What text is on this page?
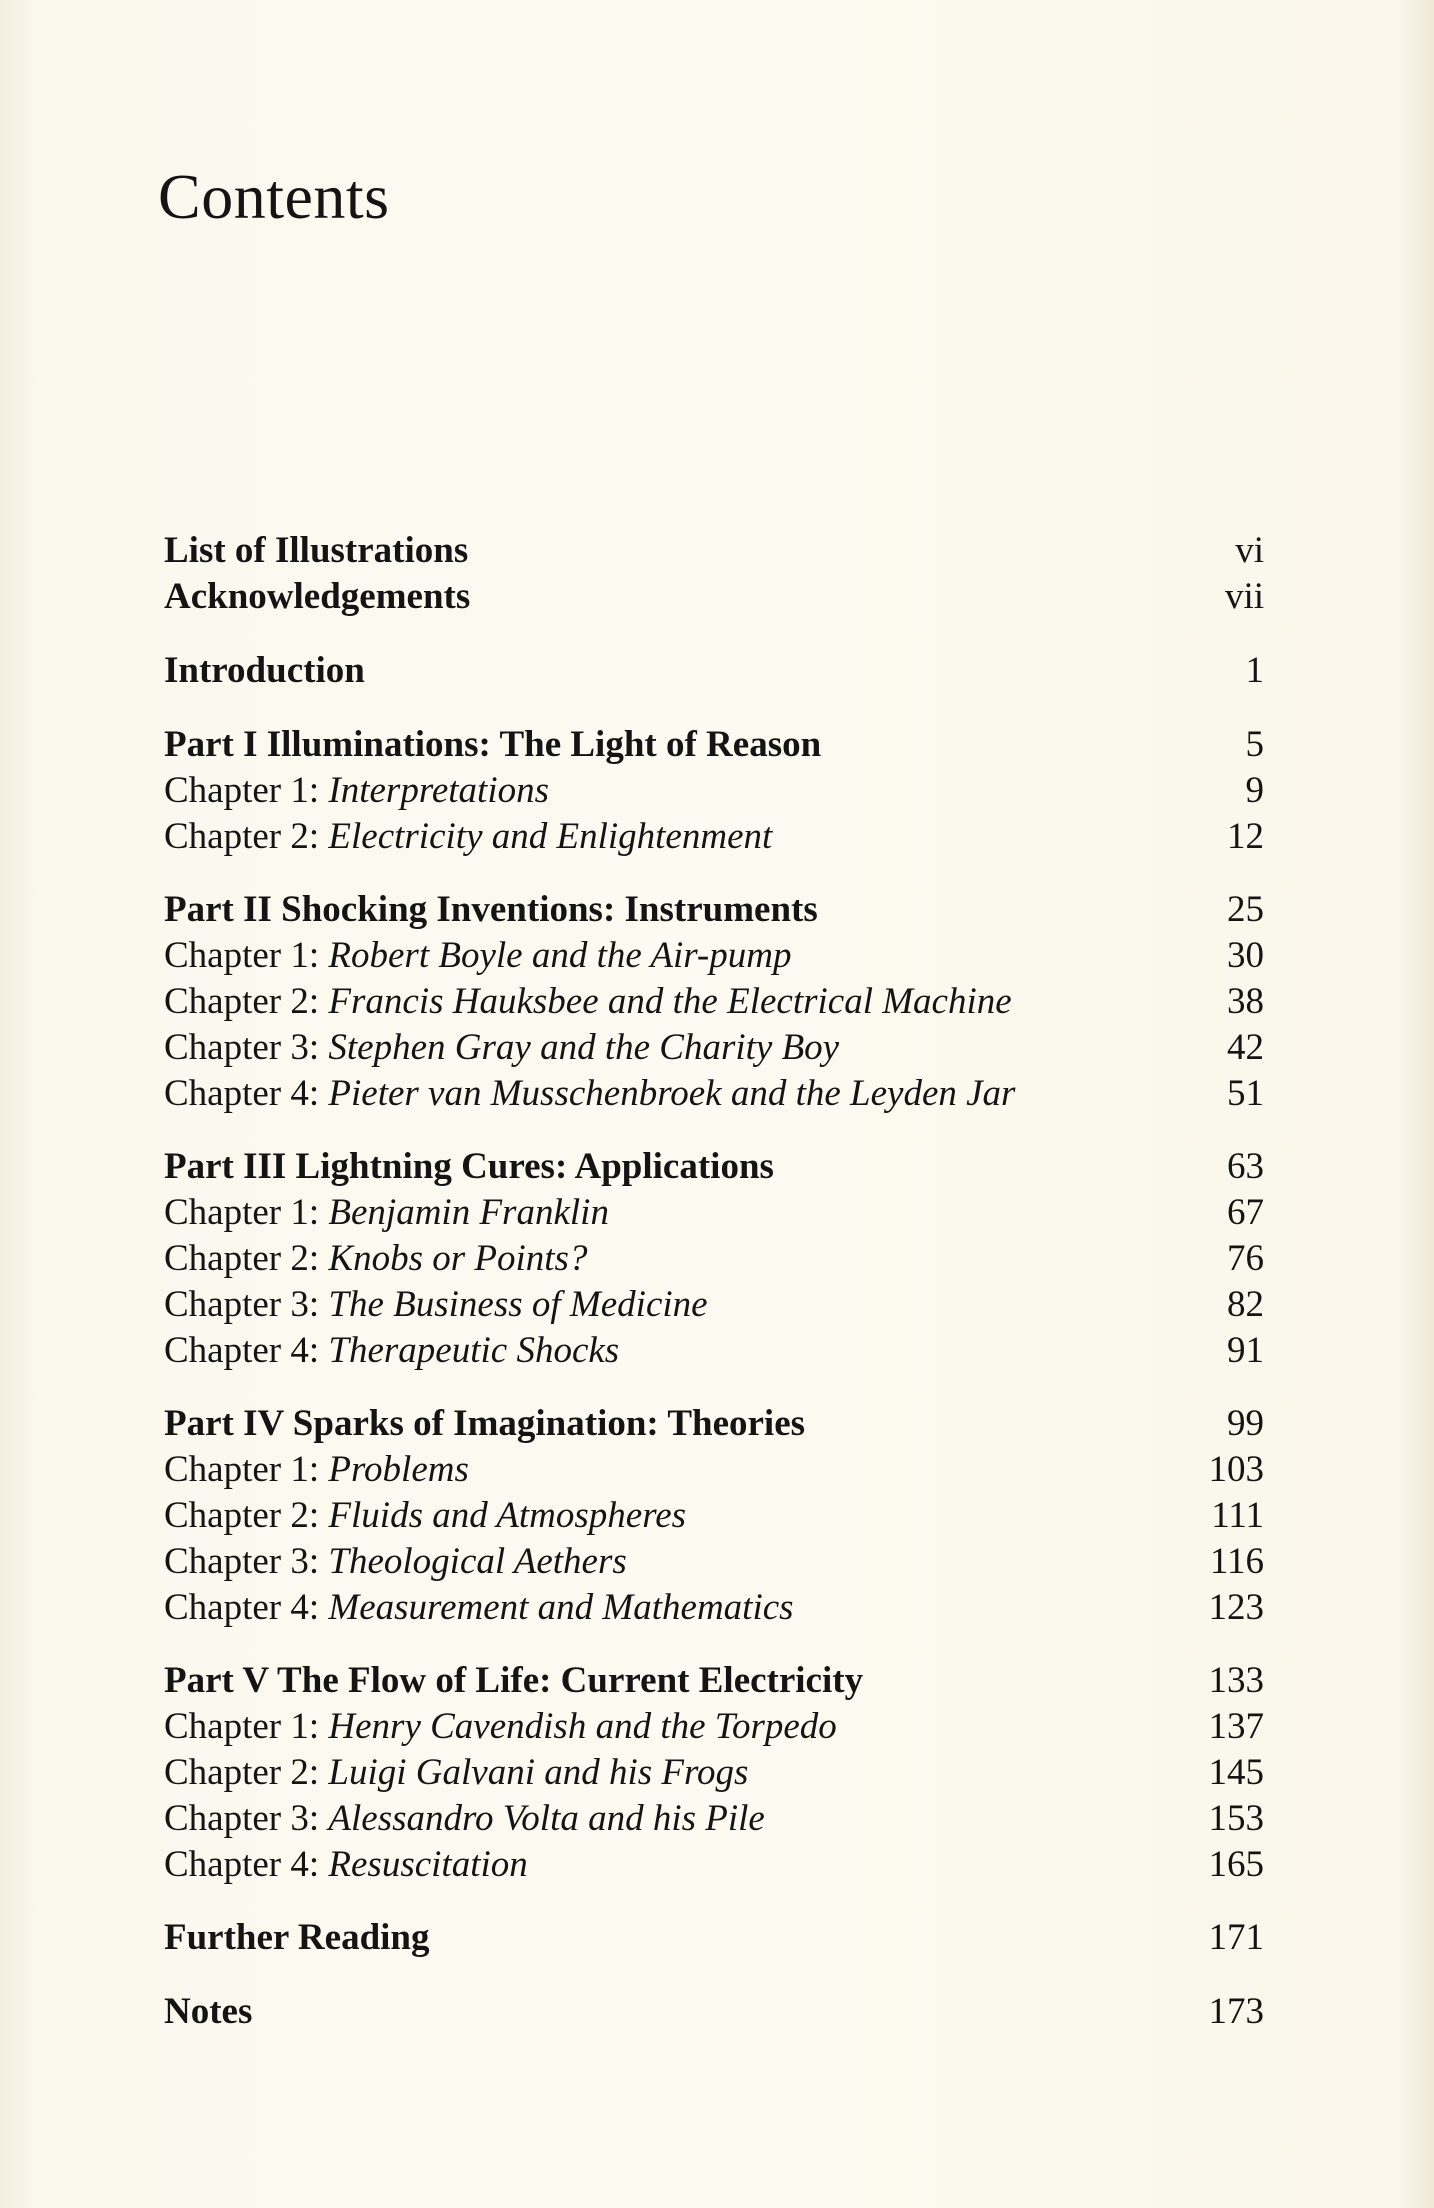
Contents
List of Illustrations	vi
Acknowledgements	vii
Introduction	1
Part I Illuminations: The Light of Reason	5
Chapter 1: Interpretations	9
Chapter 2: Electricity and Enlightenment	12
Part II Shocking Inventions: Instruments	25
Chapter 1: Robert Boyle and the Air-pump	30
Chapter 2: Francis Hauksbee and the Electrical Machine	38
Chapter 3: Stephen Gray and the Charity Boy	42
Chapter 4: Pieter van Musschenbroek and the Leyden Jar	51
Part III Lightning Cures: Applications	63
Chapter 1: Benjamin Franklin	67
Chapter 2: Knobs or Points?	76
Chapter 3: The Business of Medicine	82
Chapter 4: Therapeutic Shocks	91
Part IV Sparks of Imagination: Theories	99
Chapter 1: Problems	103
Chapter 2: Fluids and Atmospheres	111
Chapter 3: Theological Aethers	116
Chapter 4: Measurement and Mathematics	123
Part V The Flow of Life: Current Electricity	133
Chapter 1: Henry Cavendish and the Torpedo	137
Chapter 2: Luigi Galvani and his Frogs	145
Chapter 3: Alessandro Volta and his Pile	153
Chapter 4: Resuscitation	165
Further Reading	171
Notes	173
